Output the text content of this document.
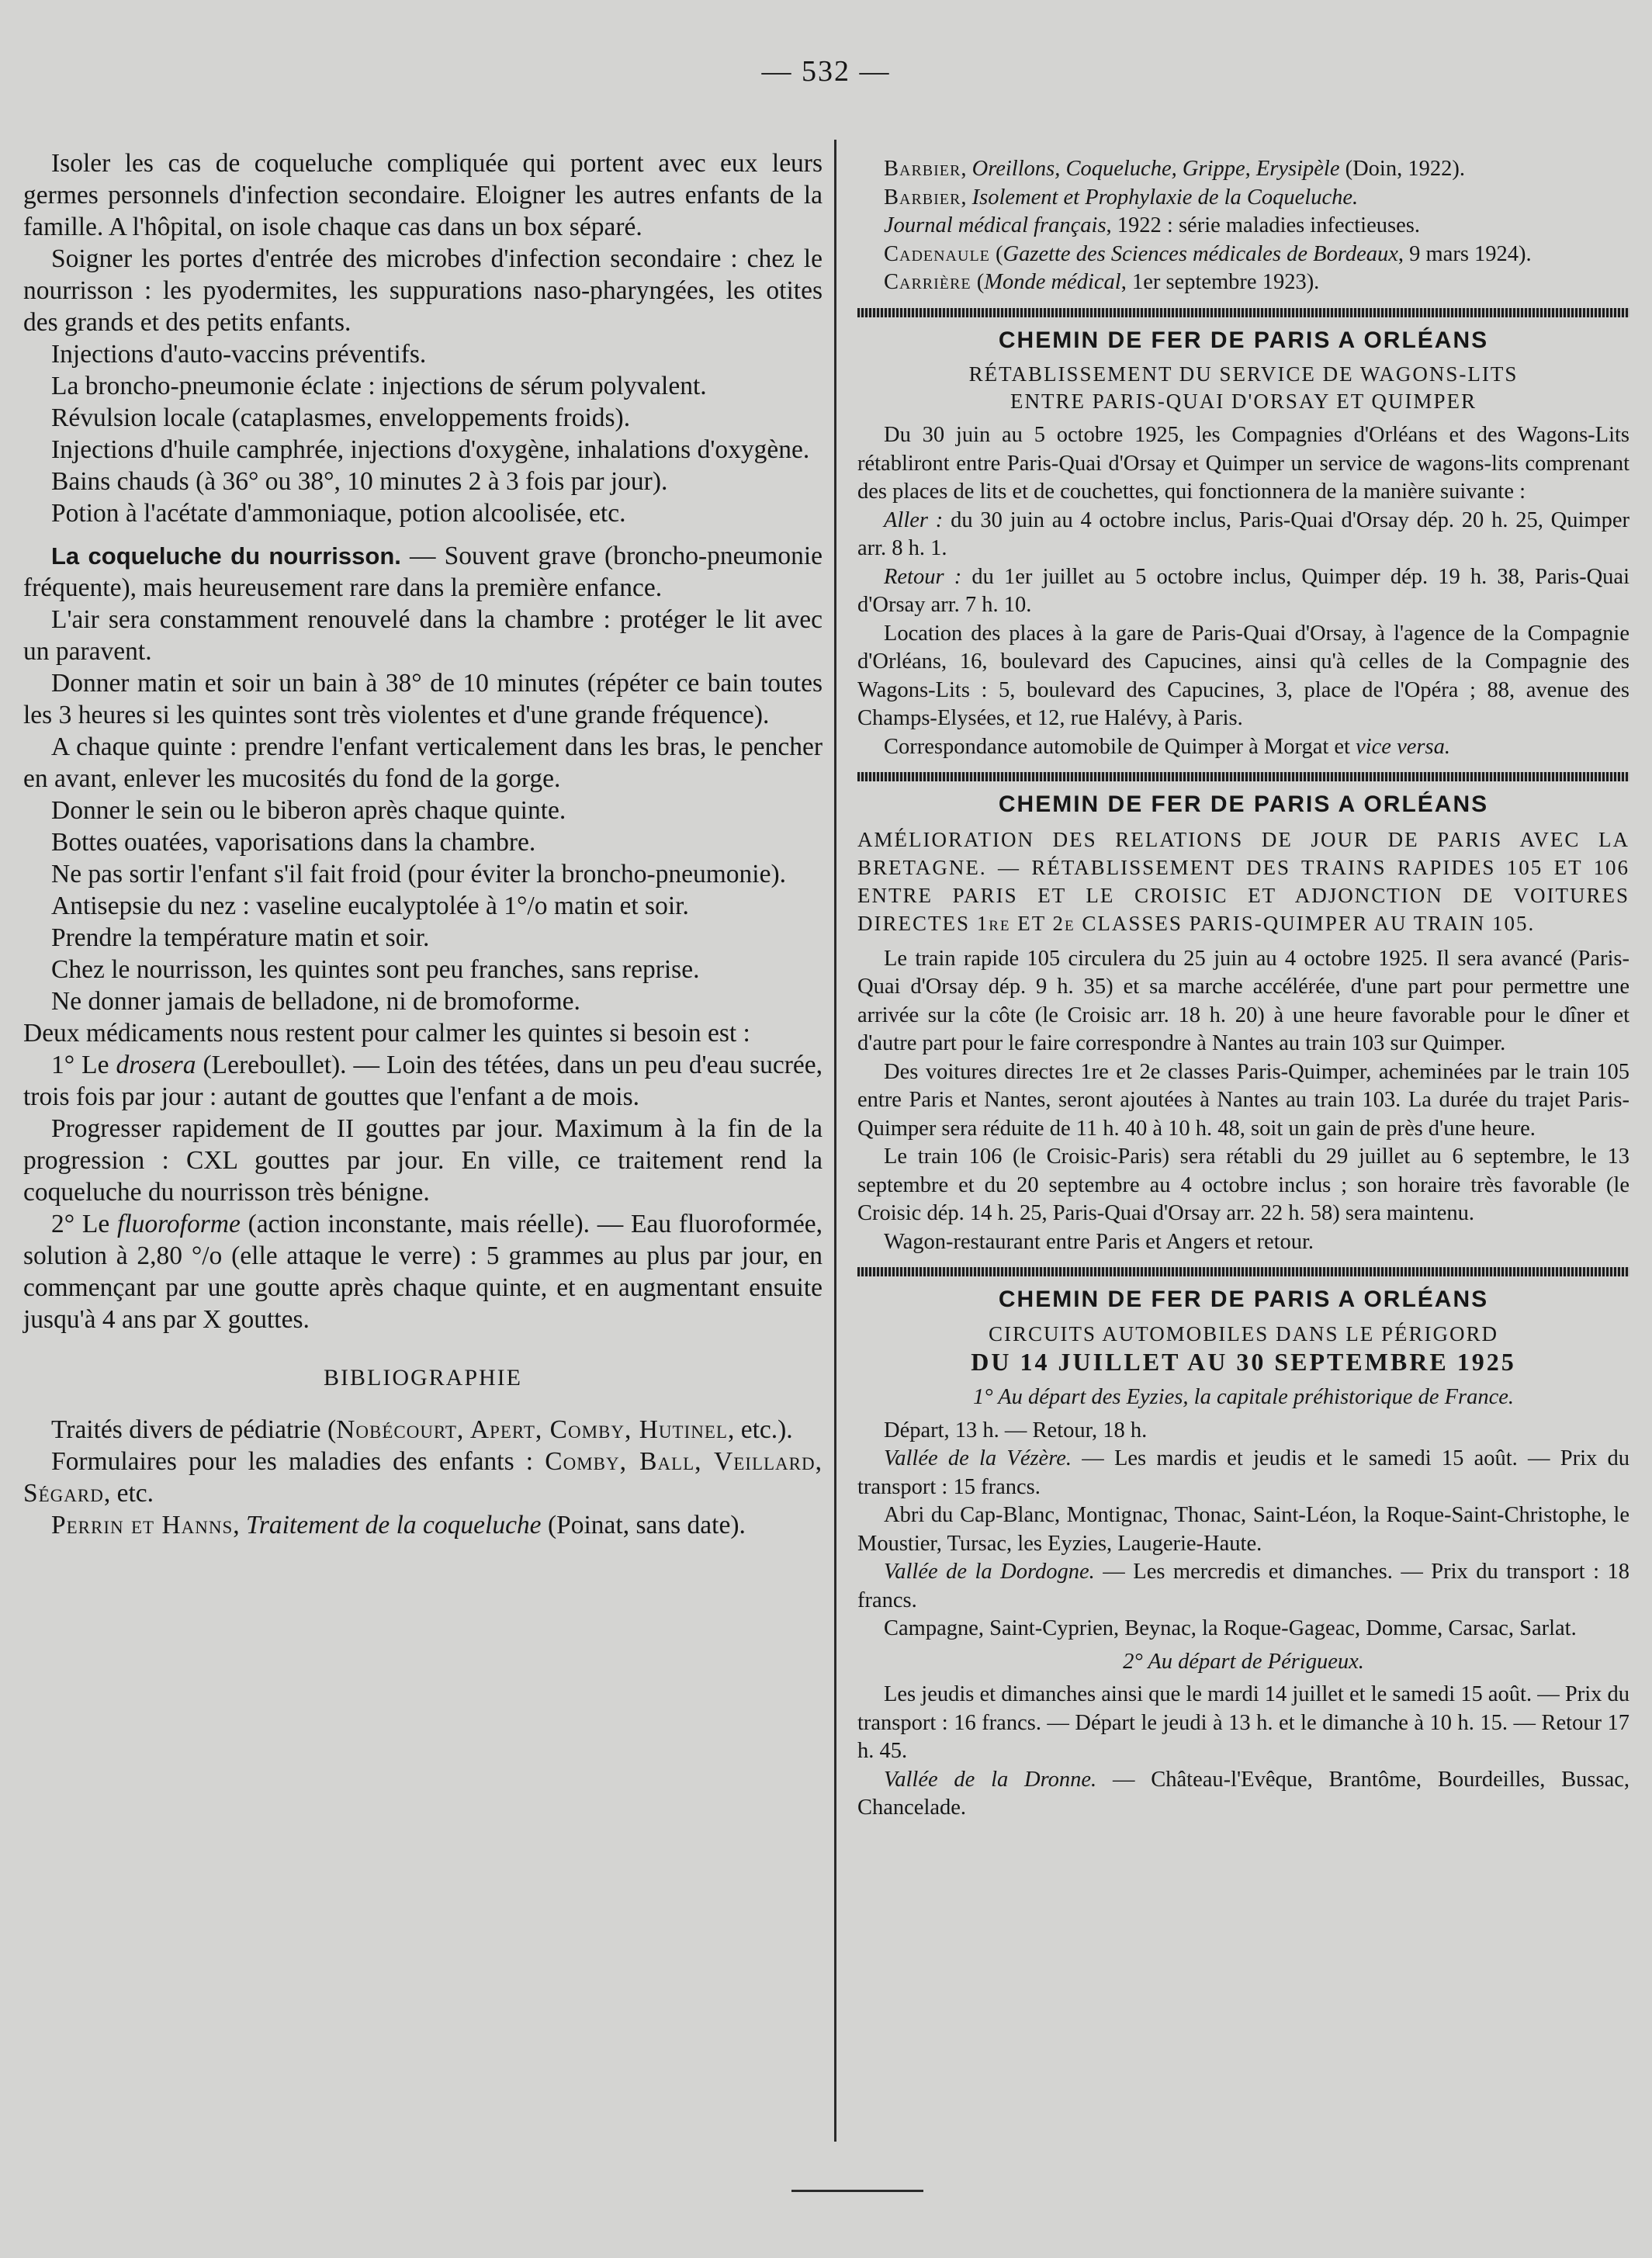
— 532 —

Isoler les cas de coqueluche compliquée qui portent avec eux leurs germes personnels d'infection secondaire. Eloigner les autres enfants de la famille. A l'hôpital, on isole chaque cas dans un box séparé.

Soigner les portes d'entrée des microbes d'infection secondaire : chez le nourrisson : les pyodermites, les suppurations naso-pharyngées, les otites des grands et des petits enfants.

Injections d'auto-vaccins préventifs.

La broncho-pneumonie éclate : injections de sérum polyvalent.

Révulsion locale (cataplasmes, enveloppements froids).

Injections d'huile camphrée, injections d'oxygène, inhalations d'oxygène.

Bains chauds (à 36° ou 38°, 10 minutes 2 à 3 fois par jour).

Potion à l'acétate d'ammoniaque, potion alcoolisée, etc.

La coqueluche du nourrisson. — Souvent grave (broncho-pneumonie fréquente), mais heureusement rare dans la première enfance.

L'air sera constamment renouvelé dans la chambre : protéger le lit avec un paravent.

Donner matin et soir un bain à 38° de 10 minutes (répéter ce bain toutes les 3 heures si les quintes sont très violentes et d'une grande fréquence).

A chaque quinte : prendre l'enfant verticalement dans les bras, le pencher en avant, enlever les mucosités du fond de la gorge.

Donner le sein ou le biberon après chaque quinte.

Bottes ouatées, vaporisations dans la chambre.

Ne pas sortir l'enfant s'il fait froid (pour éviter la broncho-pneumonie).

Antisepsie du nez : vaseline eucalyptolée à 1°/o matin et soir.

Prendre la température matin et soir.

Chez le nourrisson, les quintes sont peu franches, sans reprise.

Ne donner jamais de belladone, ni de bromoforme.

Deux médicaments nous restent pour calmer les quintes si besoin est :

1° Le drosera (Lereboullet). — Loin des tétées, dans un peu d'eau sucrée, trois fois par jour : autant de gouttes que l'enfant a de mois.

Progresser rapidement de II gouttes par jour. Maximum à la fin de la progression : CXL gouttes par jour. En ville, ce traitement rend la coqueluche du nourrisson très bénigne.

2° Le fluoroforme (action inconstante, mais réelle). — Eau fluoroformée, solution à 2,80 °/o (elle attaque le verre) : 5 grammes au plus par jour, en commençant par une goutte après chaque quinte, et en augmentant ensuite jusqu'à 4 ans par X gouttes.

BIBLIOGRAPHIE

Traités divers de pédiatrie (Nobécourt, Apert, Comby, Hutinel, etc.).

Formulaires pour les maladies des enfants : Comby, Ball, Veillard, Ségard, etc.

Perrin et Hanns, Traitement de la coqueluche (Poinat, sans date).

Barbier, Oreillons, Coqueluche, Grippe, Erysipèle (Doin, 1922).

Barbier, Isolement et Prophylaxie de la Coqueluche.

Journal médical français, 1922 : série maladies infectieuses.

Cadenaule (Gazette des Sciences médicales de Bordeaux, 9 mars 1924).

Carrière (Monde médical, 1er septembre 1923).

CHEMIN DE FER DE PARIS A ORLÉANS
RÉTABLISSEMENT DU SERVICE DE WAGONS-LITS
ENTRE PARIS-QUAI D'ORSAY ET QUIMPER

Du 30 juin au 5 octobre 1925, les Compagnies d'Orléans et des Wagons-Lits rétabliront entre Paris-Quai d'Orsay et Quimper un service de wagons-lits comprenant des places de lits et de couchettes, qui fonctionnera de la manière suivante :

Aller : du 30 juin au 4 octobre inclus, Paris-Quai d'Orsay dép. 20 h. 25, Quimper arr. 8 h. 1.

Retour : du 1er juillet au 5 octobre inclus, Quimper dép. 19 h. 38, Paris-Quai d'Orsay arr. 7 h. 10.

Location des places à la gare de Paris-Quai d'Orsay, à l'agence de la Compagnie d'Orléans, 16, boulevard des Capucines, ainsi qu'à celles de la Compagnie des Wagons-Lits : 5, boulevard des Capucines, 3, place de l'Opéra ; 88, avenue des Champs-Elysées, et 12, rue Halévy, à Paris.

Correspondance automobile de Quimper à Morgat et vice versa.

CHEMIN DE FER DE PARIS A ORLÉANS

AMÉLIORATION DES RELATIONS DE JOUR DE PARIS AVEC LA BRETAGNE. — RÉTABLISSEMENT DES TRAINS RAPIDES 105 ET 106 ENTRE PARIS ET LE CROISIC ET ADJONCTION DE VOITURES DIRECTES 1re ET 2e CLASSES PARIS-QUIMPER AU TRAIN 105.

Le train rapide 105 circulera du 25 juin au 4 octobre 1925. Il sera avancé (Paris-Quai d'Orsay dép. 9 h. 35) et sa marche accélérée, d'une part pour permettre une arrivée sur la côte (le Croisic arr. 18 h. 20) à une heure favorable pour le dîner et d'autre part pour le faire correspondre à Nantes au train 103 sur Quimper.

Des voitures directes 1re et 2e classes Paris-Quimper, acheminées par le train 105 entre Paris et Nantes, seront ajoutées à Nantes au train 103. La durée du trajet Paris-Quimper sera réduite de 11 h. 40 à 10 h. 48, soit un gain de près d'une heure.

Le train 106 (le Croisic-Paris) sera rétabli du 29 juillet au 6 septembre, le 13 septembre et du 20 septembre au 4 octobre inclus ; son horaire très favorable (le Croisic dép. 14 h. 25, Paris-Quai d'Orsay arr. 22 h. 58) sera maintenu.

Wagon-restaurant entre Paris et Angers et retour.

CHEMIN DE FER DE PARIS A ORLÉANS
CIRCUITS AUTOMOBILES DANS LE PÉRIGORD
DU 14 JUILLET AU 30 SEPTEMBRE 1925

1° Au départ des Eyzies, la capitale préhistorique de France.

Départ, 13 h. — Retour, 18 h.

Vallée de la Vézère. — Les mardis et jeudis et le samedi 15 août. — Prix du transport : 15 francs.

Abri du Cap-Blanc, Montignac, Thonac, Saint-Léon, la Roque-Saint-Christophe, le Moustier, Tursac, les Eyzies, Laugerie-Haute.

Vallée de la Dordogne. — Les mercredis et dimanches. — Prix du transport : 18 francs.

Campagne, Saint-Cyprien, Beynac, la Roque-Gageac, Domme, Carsac, Sarlat.

2° Au départ de Périgueux.

Les jeudis et dimanches ainsi que le mardi 14 juillet et le samedi 15 août. — Prix du transport : 16 francs. — Départ le jeudi à 13 h. et le dimanche à 10 h. 15. — Retour 17 h. 45.

Vallée de la Dronne. — Château-l'Evêque, Brantôme, Bourdeilles, Bussac, Chancelade.
